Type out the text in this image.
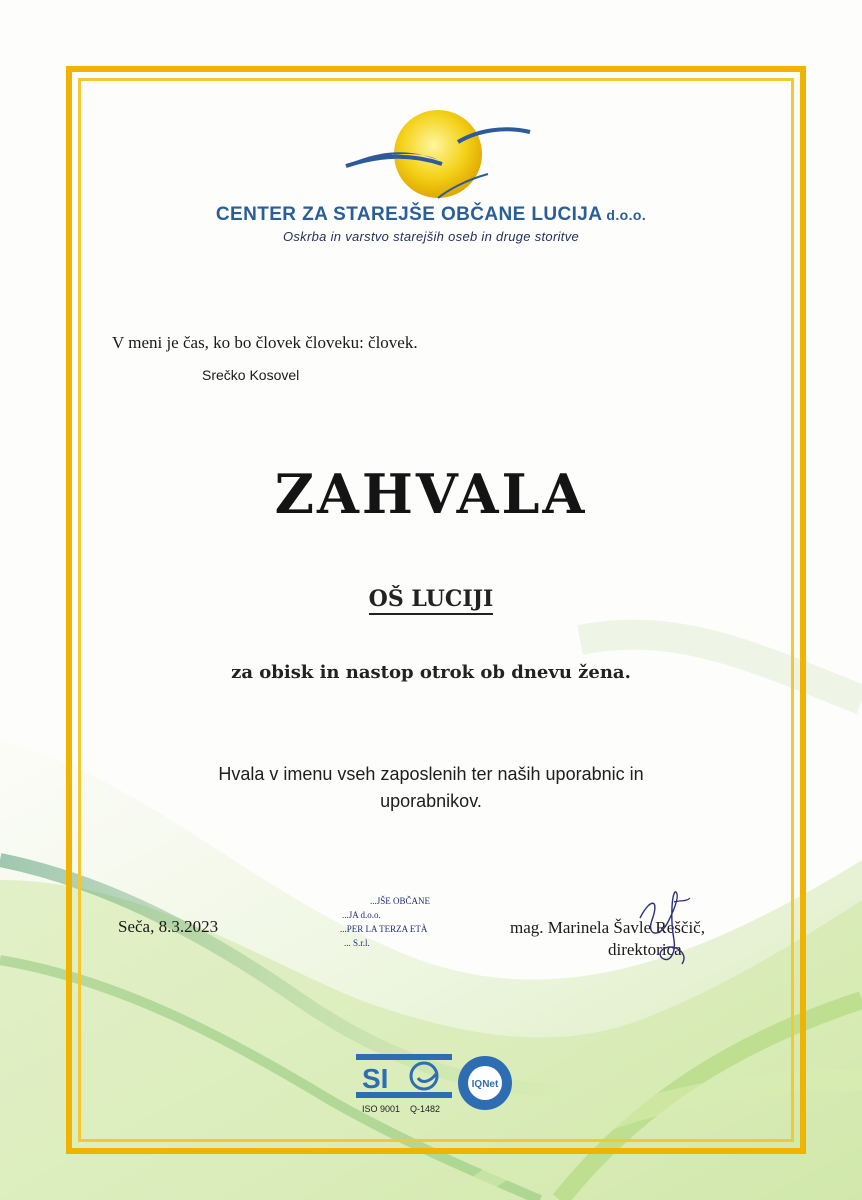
CENTER ZA STAREJŠE OBČANE LUCIJA d.o.o.
Oskrba in varstvo starejših oseb in druge storitve
V meni je čas, ko bo človek človeku: človek.
Srečko Kosovel
ZAHVALA
OŠ LUCIJI
za obisk in nastop otrok ob dnevu žena.
Hvala v imenu vseh zaposlenih ter naših uporabnic in
uporabnikov.
Seča, 8.3.2023
...JŠE OBČANE
...JA d.o.o.
...PER LA TERZA ETÀ
... S.r.l.
mag. Marinela Šavle Reščič,
direktorica
SI
ISO 9001 Q-1482
IQNet
